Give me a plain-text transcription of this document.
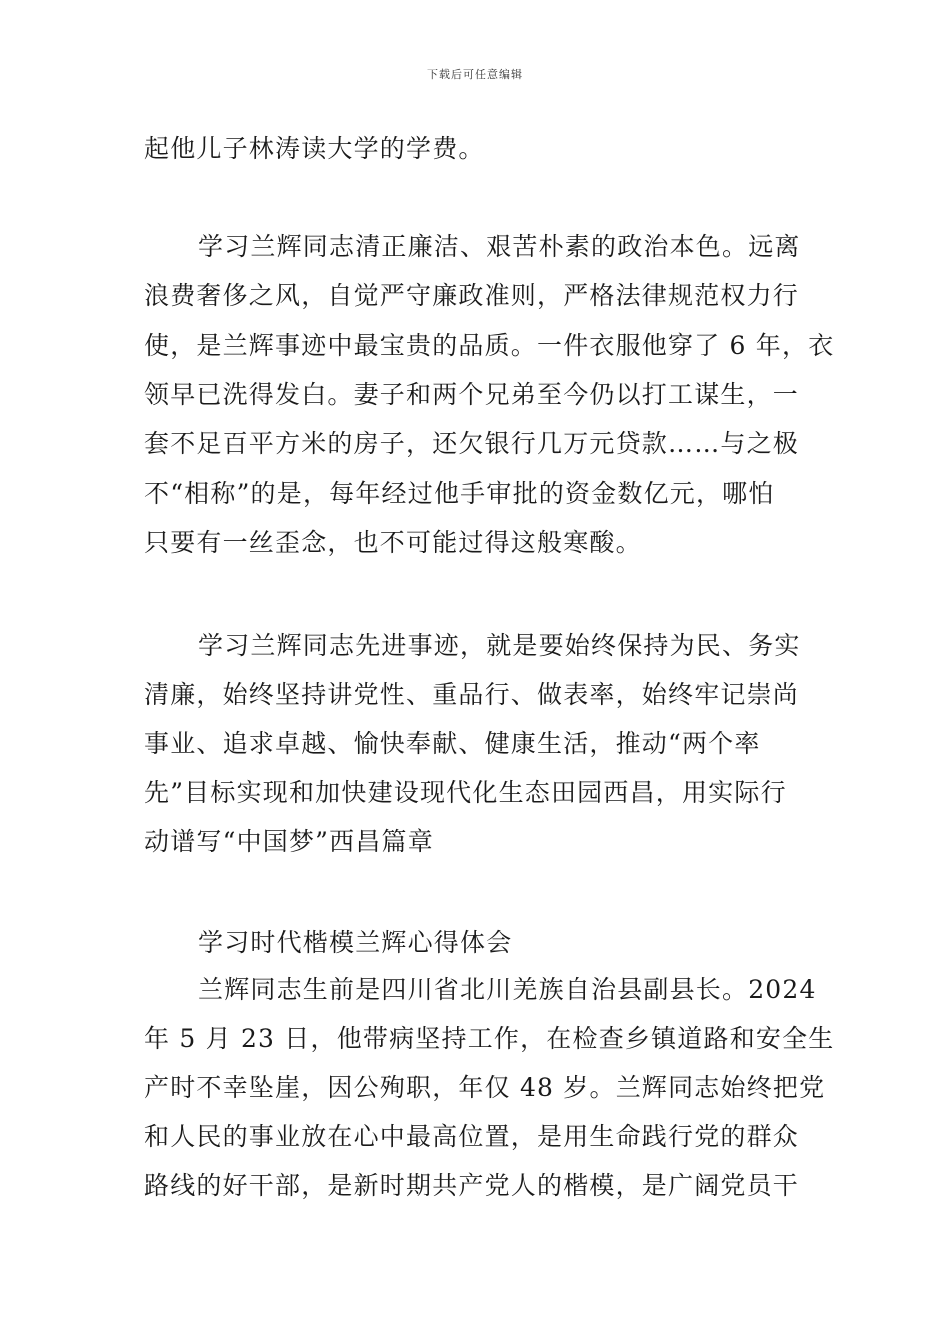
下载后可任意编辑
起他儿子林涛读大学的学费。
学习兰辉同志清正廉洁、艰苦朴素的政治本色。远离
浪费奢侈之风，自觉严守廉政准则，严格法律规范权力行
使，是兰辉事迹中最宝贵的品质。一件衣服他穿了 6 年，衣
领早已洗得发白。妻子和两个兄弟至今仍以打工谋生，一
套不足百平方米的房子，还欠银行几万元贷款……与之极
不“相称”的是，每年经过他手审批的资金数亿元，哪怕
只要有一丝歪念，也不可能过得这般寒酸。
学习兰辉同志先进事迹，就是要始终保持为民、务实
清廉，始终坚持讲党性、重品行、做表率，始终牢记崇尚
事业、追求卓越、愉快奉献、健康生活，推动“两个率
先”目标实现和加快建设现代化生态田园西昌，用实际行
动谱写“中国梦”西昌篇章
学习时代楷模兰辉心得体会
兰辉同志生前是四川省北川羌族自治县副县长。2024
年 5 月 23 日，他带病坚持工作，在检查乡镇道路和安全生
产时不幸坠崖，因公殉职，年仅 48 岁。兰辉同志始终把党
和人民的事业放在心中最高位置，是用生命践行党的群众
路线的好干部，是新时期共产党人的楷模，是广阔党员干
